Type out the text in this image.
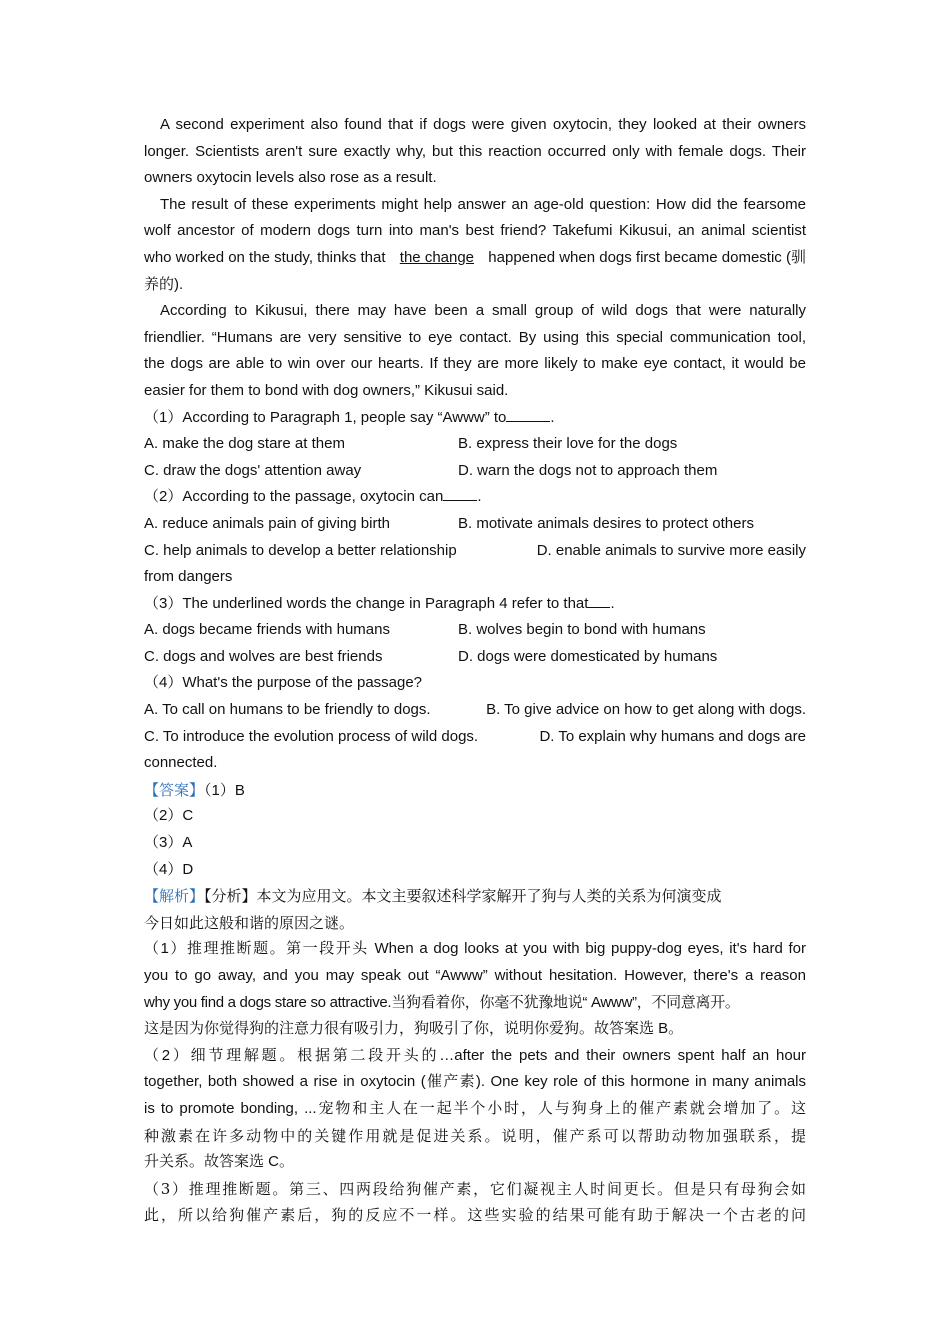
A second experiment also found that if dogs were given oxytocin, they looked at their owners
longer. Scientists aren't sure exactly why, but this reaction occurred only with female dogs. Their
owners oxytocin levels also rose as a result.
The result of these experiments might help answer an age-old question: How did the fearsome
wolf ancestor of modern dogs turn into man's best friend? Takefumi Kikusui, an animal scientist
who worked on the study, thinks that the change happened when dogs first became domestic (驯
养的).
According to Kikusui, there may have been a small group of wild dogs that were naturally
friendlier. “Humans are very sensitive to eye contact. By using this special communication tool,
the dogs are able to win over our hearts. If they are more likely to make eye contact, it would be
easier for them to bond with dog owners,” Kikusui said.
（1）According to Paragraph 1, people say “Awww” to	.
A. make the dog stare at them	B. express their love for the dogs
C. draw the dogs' attention away	D. warn the dogs not to approach them
（2）According to the passage, oxytocin can .
A. reduce animals pain of giving birth	B. motivate animals desires to protect others
C. help animals to develop a better relationship	D. enable animals to survive more easily
from dangers
（3）The underlined words the change in Paragraph 4 refer to that .
A. dogs became friends with humans	B. wolves begin to bond with humans
C. dogs and wolves are best friends	D. dogs were domesticated by humans
（4）What's the purpose of the passage?
A. To call on humans to be friendly to dogs.	B. To give advice on how to get along with dogs.
C. To introduce the evolution process of wild dogs.	D. To explain why humans and dogs are
connected.
【答案】（1）B
（2）C
（3）A
（4）D
【解析】【分析】本文为应用文。本文主要叙述科学家解开了狗与人类的关系为何演变成
今日如此这般和谐的原因之谜。
（1）推理推断题。第一段开头 When a dog looks at you with big puppy-dog eyes, it's hard for
you to go away, and you may speak out “Awww” without hesitation. However, there's a reason
why you find a dogs stare so attractive.当狗看着你，你毫不犹豫地说“ Awww”，不同意离开。
这是因为你觉得狗的注意力很有吸引力，狗吸引了你，说明你爱狗。故答案选 B。
（2）细节理解题。根据第二段开头的…after the pets and their owners spent half an hour
together, both showed a rise in oxytocin (催产素). One key role of this hormone in many animals
is to promote bonding, ...宠物和主人在一起半个小时，人与狗身上的催产素就会增加了。这
种激素在许多动物中的关键作用就是促进关系。说明，催产系可以帮助动物加强联系，提
升关系。故答案选 C。
（3）推理推断题。第三、四两段给狗催产素，它们凝视主人时间更长。但是只有母狗会如
此，所以给狗催产素后，狗的反应不一样。这些实验的结果可能有助于解决一个古老的问
